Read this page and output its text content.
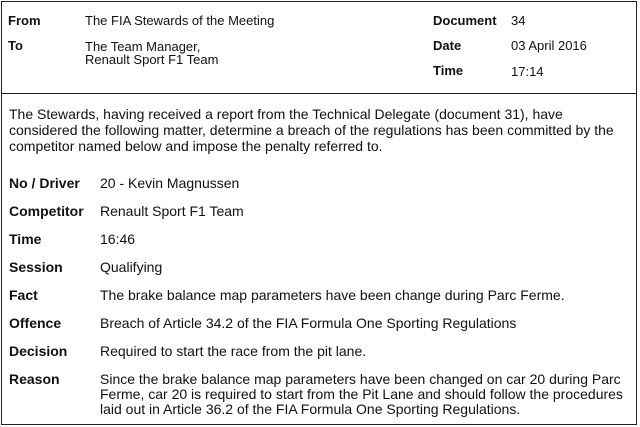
From	The FIA Stewards of the Meeting
To	The Team Manager,
Renault Sport F1 Team
Document 34
Date	03 April 2016
Time	17:14
The Stewards, having received a report from the Technical Delegate (document 31), have considered the following matter, determine a breach of the regulations has been committed by the competitor named below and impose the penalty referred to.
No / Driver 20 - Kevin Magnussen
Competitor Renault Sport F1 Team
Time	16:46
Session	Qualifying
Fact	The brake balance map parameters have been change during Parc Ferme.
Offence	Breach of Article 34.2 of the FIA Formula One Sporting Regulations
Decision Required to start the race from the pit lane.
Reason	Since the brake balance map parameters have been changed on car 20 during Parc Ferme, car 20 is required to start from the Pit Lane and should follow the procedures laid out in Article 36.2 of the FIA Formula One Sporting Regulations.
